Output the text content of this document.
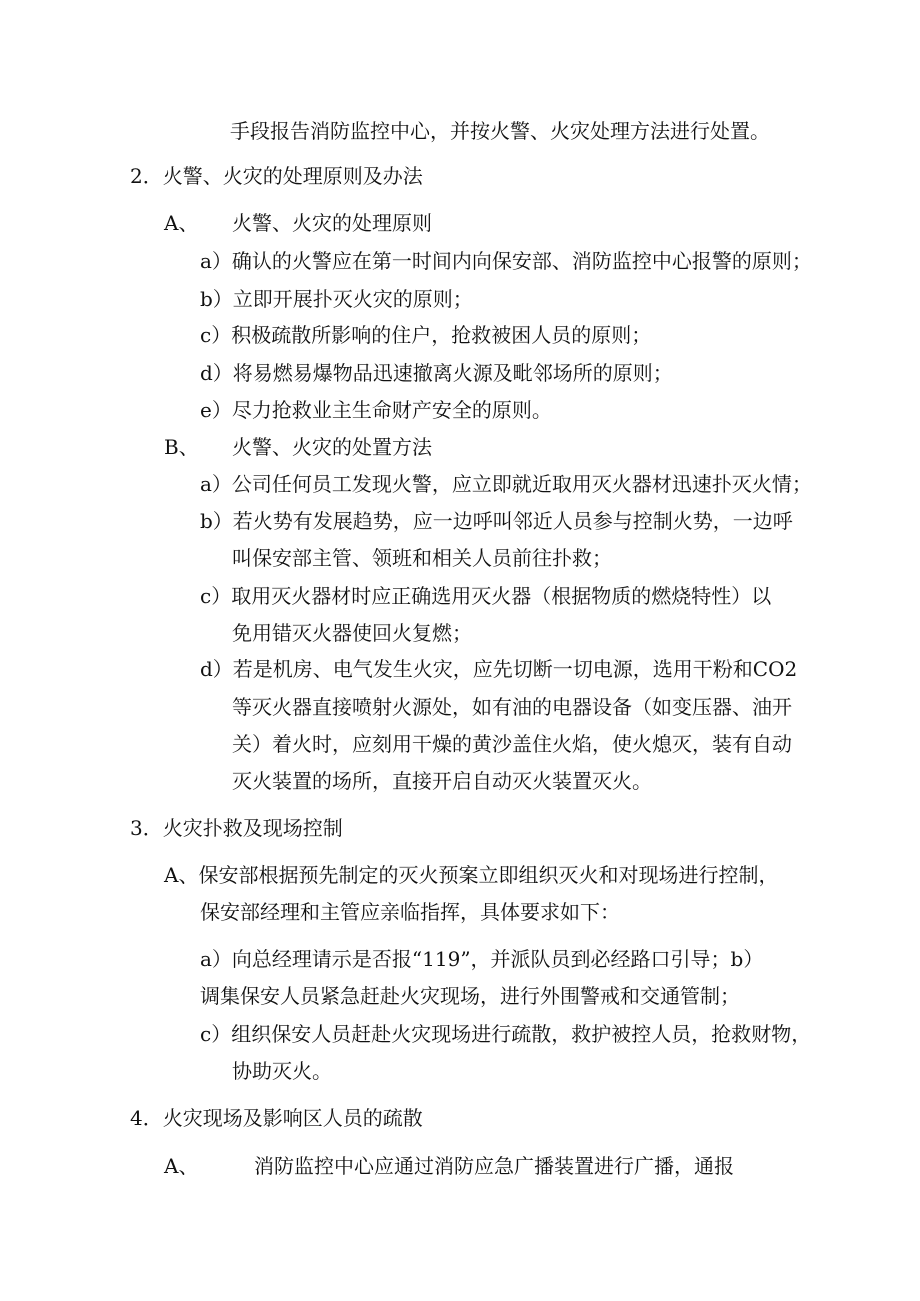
手段报告消防监控中心，并按火警、火灾处理方法进行处置。
2．火警、火灾的处理原则及办法
A、 火警、火灾的处理原则
a）确认的火警应在第一时间内向保安部、消防监控中心报警的原则；
b）立即开展扑灭火灾的原则；
c）积极疏散所影响的住户，抢救被困人员的原则；
d）将易燃易爆物品迅速撤离火源及毗邻场所的原则；
e）尽力抢救业主生命财产安全的原则。
B、 火警、火灾的处置方法
a）公司任何员工发现火警，应立即就近取用灭火器材迅速扑灭火情；
b）若火势有发展趋势，应一边呼叫邻近人员参与控制火势，一边呼
叫保安部主管、领班和相关人员前往扑救；
c）取用灭火器材时应正确选用灭火器（根据物质的燃烧特性）以
免用错灭火器使回火复燃；
d）若是机房、电气发生火灾，应先切断一切电源，选用干粉和CO2
等灭火器直接喷射火源处，如有油的电器设备（如变压器、油开
关）着火时，应刻用干燥的黄沙盖住火焰，使火熄灭，装有自动
灭火装置的场所，直接开启自动灭火装置灭火。
3．火灾扑救及现场控制
A、保安部根据预先制定的灭火预案立即组织灭火和对现场进行控制，
保安部经理和主管应亲临指挥，具体要求如下：
a）向总经理请示是否报“119”，并派队员到必经路口引导；b）
调集保安人员紧急赶赴火灾现场，进行外围警戒和交通管制；
c）组织保安人员赶赴火灾现场进行疏散，救护被控人员，抢救财物，
协助灭火。
4．火灾现场及影响区人员的疏散
A、	消防监控中心应通过消防应急广播装置进行广播，通报
